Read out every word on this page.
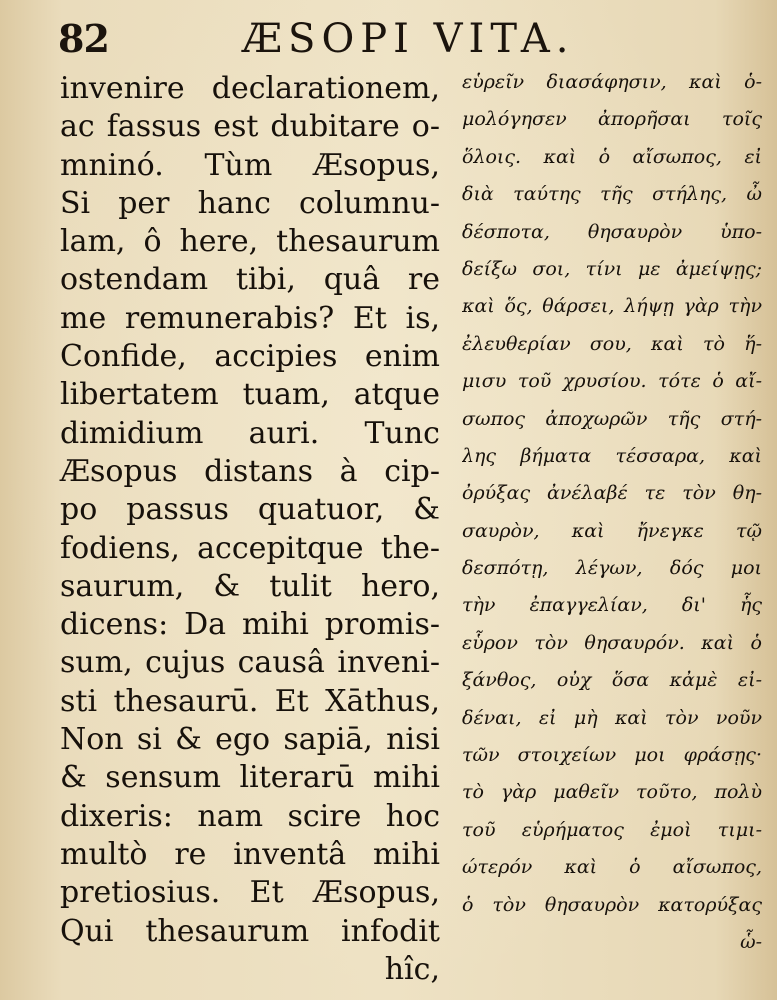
82	ÆSOPI VITA.
invenire declarationem,
ac fassus est dubitare o-
mninó. Tùm Æsopus,
Si per hanc columnu-
lam, ô here, thesaurum
ostendam tibi, quâ re
me remunerabis? Et is,
Confide, accipies enim
libertatem tuam, atque
dimidium auri. Tunc
Æsopus distans à cip-
po passus quatuor, &
fodiens, accepitque the-
saurum, & tulit hero,
dicens: Da mihi promis-
sum, cujus causâ inveni-
sti thesaurū. Et Xāthus,
Non si & ego sapiā, nisi
& sensum literarū mihi
dixeris: nam scire hoc
multò re inventâ mihi
pretiosius. Et Æsopus,
Qui thesaurum infodit
hîc,
εὑρεῖν διασάφησιν, καὶ ὁ-
μολόγησεν ἀπορῆσαι τοῖς
ὅλοις. καὶ ὁ αἴσωπος, εἰ
διὰ ταύτης τῆς στήλης, ὦ
δέσποτα, θησαυρὸν ὑπο-
δείξω σοι, τίνι με ἀμείψῃς;
καὶ ὅς, θάρσει, λήψῃ γὰρ τὴν
ἐλευθερίαν σου, καὶ τὸ ἥ-
μισυ τοῦ χρυσίου. τότε ὁ αἴ-
σωπος ἀποχωρῶν τῆς στή-
λης βήματα τέσσαρα, καὶ
ὀρύξας ἀνέλαβέ τε τὸν θη-
σαυρὸν, καὶ ἤνεγκε τῷ
δεσπότῃ, λέγων, δός μοι
τὴν ἐπαγγελίαν, δι' ἧς
εὗρον τὸν θησαυρόν. καὶ ὁ
ξάνθος, οὐχ ὅσα κἀμὲ εἰ-
δέναι, εἰ μὴ καὶ τὸν νοῦν
τῶν στοιχείων μοι φράσῃς·
τὸ γὰρ μαθεῖν τοῦτο, πολὺ
τοῦ εὑρήματος ἐμοὶ τιμι-
ώτερόν καὶ ὁ αἴσωπος,
ὁ τὸν θησαυρὸν κατορύξας
ὧ-
